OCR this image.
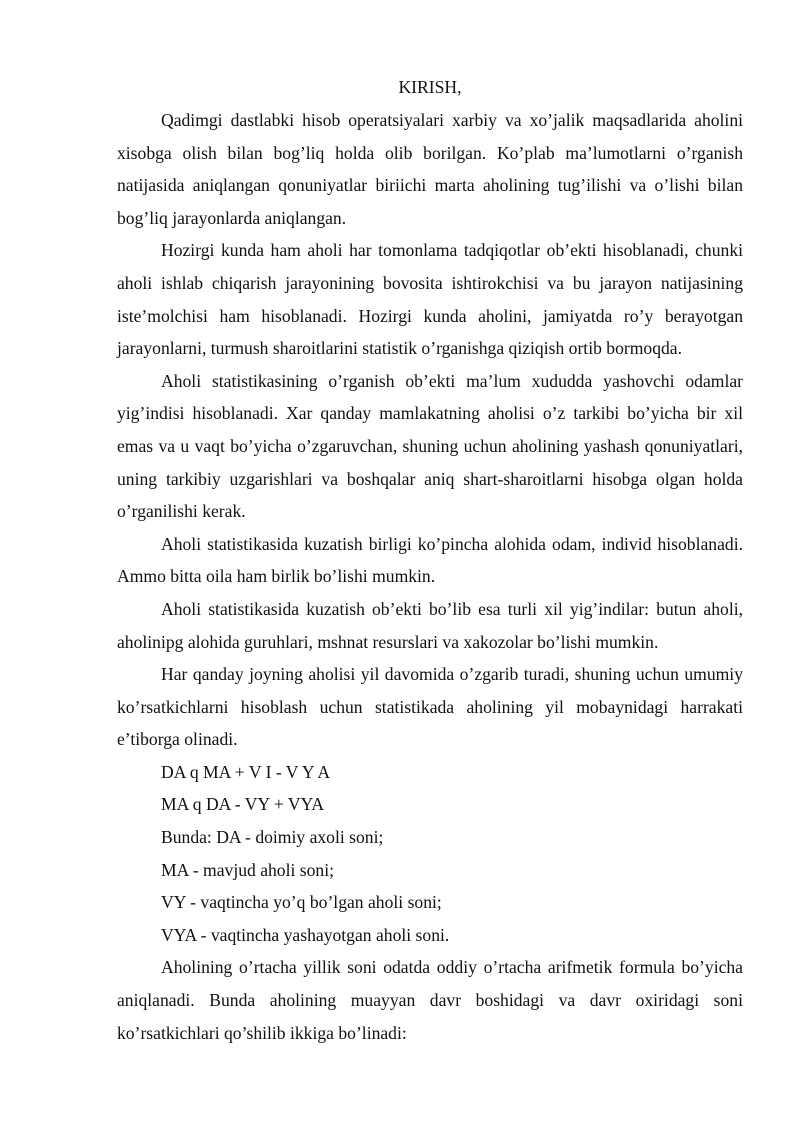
KIRISH,

Qadimgi dastlabki hisob operatsiyalari xarbiy va xo’jalik maqsadlarida aholini xisobga olish bilan bog’liq holda olib borilgan. Ko’plab ma’lumotlarni o’rganish natijasida aniqlangan qonuniyatlar biriichi marta aholining tug’ilishi va o’lishi bilan bog’liq jarayonlarda aniqlangan.

Hozirgi kunda ham aholi har tomonlama tadqiqotlar ob’ekti hisoblanadi, chunki aholi ishlab chiqarish jarayonining bovosita ishtirokchisi va bu jarayon natijasining iste’molchisi ham hisoblanadi. Hozirgi kunda aholini, jamiyatda ro’y berayotgan jarayonlarni, turmush sharoitlarini statistik o’rganishga qiziqish ortib bormoqda.

Aholi statistikasining o’rganish ob’ekti ma’lum xududda yashovchi odamlar yig’indisi hisoblanadi. Xar qanday mamlakatning aholisi o’z tarkibi bo’yicha bir xil emas va u vaqt bo’yicha o’zgaruvchan, shuning uchun aholining yashash qonuniyatlari, uning tarkibiy uzgarishlari va boshqalar aniq shart-sharoitlarni hisobga olgan holda o’rganilishi kerak.

Aholi statistikasida kuzatish birligi ko’pincha alohida odam, individ hisoblanadi. Ammo bitta oila ham birlik bo’lishi mumkin.

Aholi statistikasida kuzatish ob’ekti bo’lib esa turli xil yig’indilar: butun aholi, aholinipg alohida guruhlari, mshnat resurslari va xakozolar bo’lishi mumkin.

Har qanday joyning aholisi yil davomida o’zgarib turadi, shuning uchun umumiy ko’rsatkichlarni hisoblash uchun statistikada aholining yil mobaynidagi harrakati e’tiborga olinadi.

DA q MA + V I - V Y A
MA q DA - VY + VYA
Bunda: DA - doimiy axoli soni;
MA - mavjud aholi soni;
VY - vaqtincha yo’q bo’lgan aholi soni;
VYA - vaqtincha yashayotgan aholi soni.

Aholining o’rtacha yillik soni odatda oddiy o’rtacha arifmetik formula bo’yicha aniqlanadi. Bunda aholining muayyan davr boshidagi va davr oxiridagi soni ko’rsatkichlari qo’shilib ikkiga bo’linadi:
